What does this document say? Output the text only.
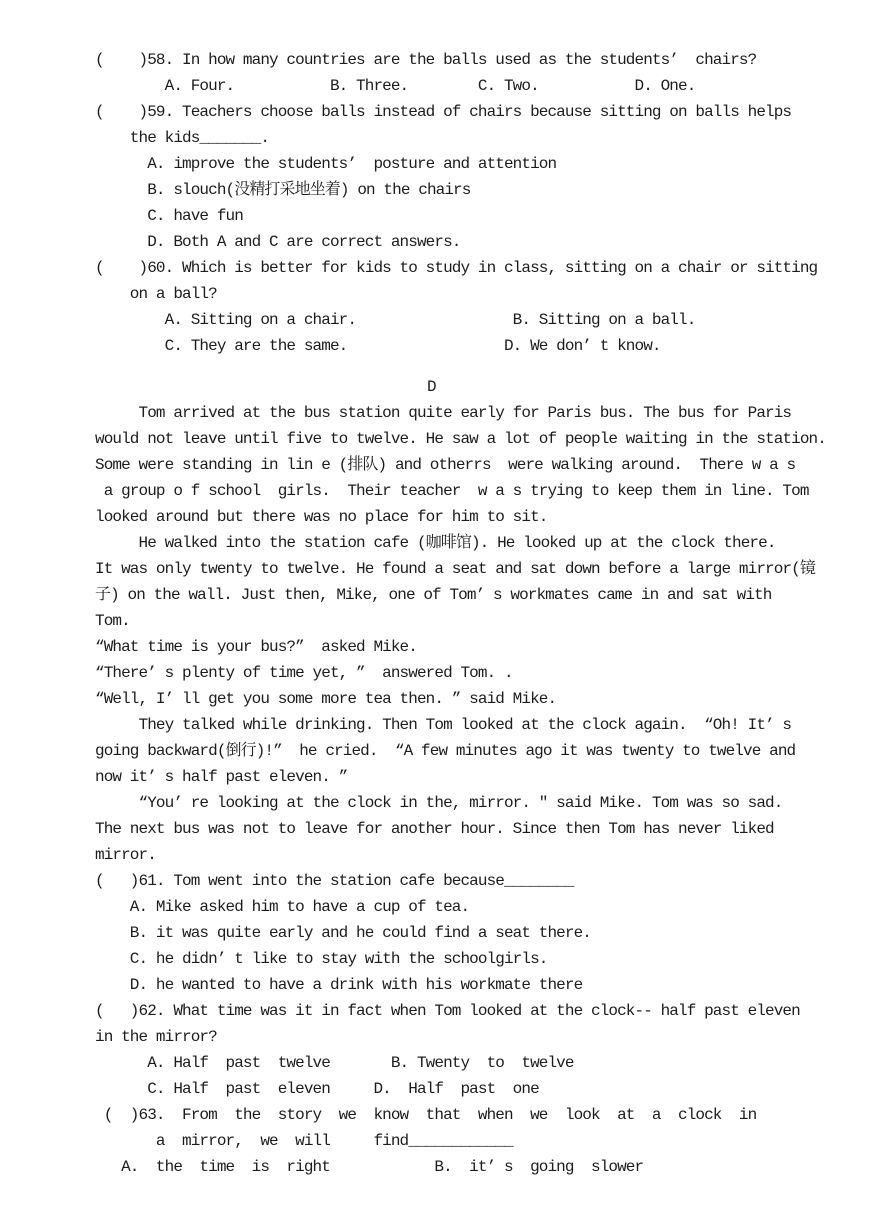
(    )58. In how many countries are the balls used as the students’  chairs?
A. Four.           B. Three.        C. Two.           D. One.
(    )59. Teachers choose balls instead of chairs because sitting on balls helps
the kids_______.
A. improve the students’  posture and attention
B. slouch(没精打采地坐着) on the chairs
C. have fun
D. Both A and C are correct answers.
(    )60. Which is better for kids to study in class, sitting on a chair or sitting
on a ball?
A. Sitting on a chair.                  B. Sitting on a ball.
C. They are the same.                  D. We don’ t know.
D
Tom arrived at the bus station quite early for Paris bus. The bus for Paris
would not leave until five to twelve. He saw a lot of people waiting in the station.
Some were standing in lin e (排队) and otherrs  were walking around.  There w a s
a group o f school  girls.  Their teacher  w a s trying to keep them in line. Tom
looked around but there was no place for him to sit.
He walked into the station cafe (咖啡馆). He looked up at the clock there.
It was only twenty to twelve. He found a seat and sat down before a large mirror(镜
子) on the wall. Just then, Mike, one of Tom’ s workmates came in and sat with
Tom.
“What time is your bus?”  asked Mike.
“There’ s plenty of time yet, ”  answered Tom. .
“Well, I’ ll get you some more tea then. ” said Mike.
They talked while drinking. Then Tom looked at the clock again.  “Oh! It’ s
going backward(倒行)!”  he cried.  “A few minutes ago it was twenty to twelve and
now it’ s half past eleven. ”
“You’ re looking at the clock in the, mirror. ″ said Mike. Tom was so sad.
The next bus was not to leave for another hour. Since then Tom has never liked
mirror.
(   )61. Tom went into the station cafe because________
A. Mike asked him to have a cup of tea.
B. it was quite early and he could find a seat there.
C. he didn’ t like to stay with the schoolgirls.
D. he wanted to have a drink with his workmate there
(   )62. What time was it in fact when Tom looked at the clock-- half past eleven
in the mirror?
A. Half  past  twelve       B. Twenty  to  twelve
C. Half  past  eleven     D.  Half  past  one
(  )63.  From  the  story  we  know  that  when  we  look  at  a  clock  in
a  mirror,  we  will     find____________
A.  the  time  is  right            B.  it’ s  going  slower
